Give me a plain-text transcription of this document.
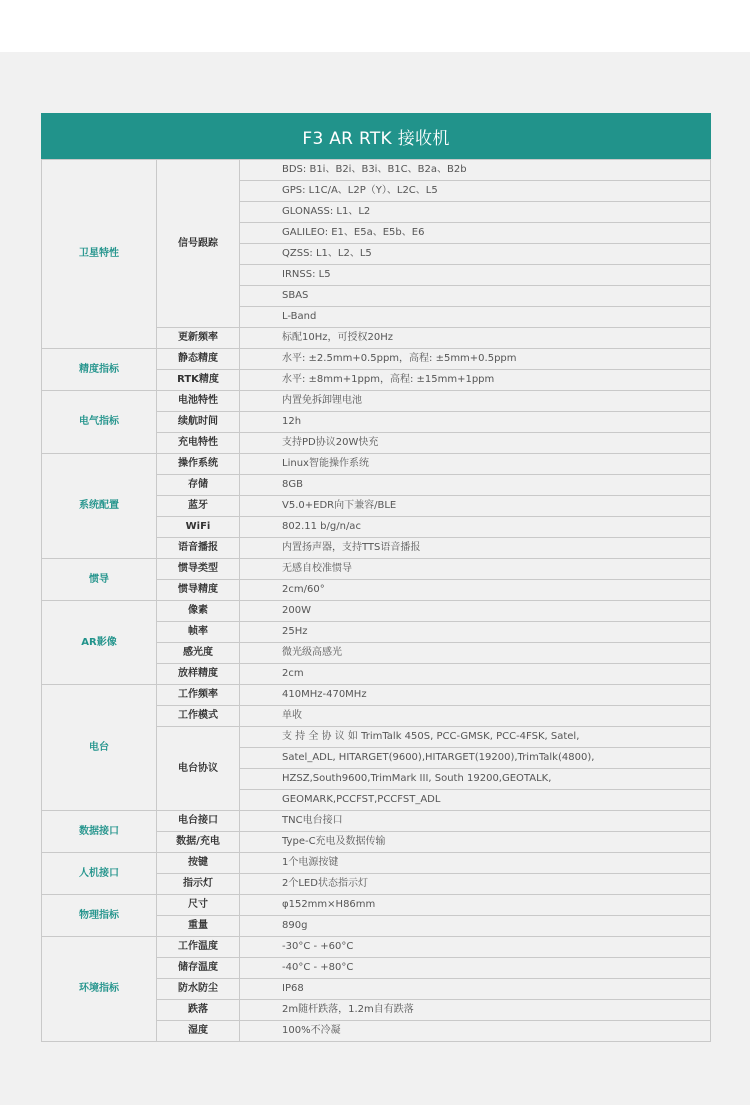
F3 AR RTK 接收机
卫星特性	信号跟踪	BDS: B1i、B2i、B3i、B1C、B2a、B2b
		GPS: L1C/A、L2P（Y）、L2C、L5
		GLONASS: L1、L2
		GALILEO: E1、E5a、E5b、E6
		QZSS: L1、L2、L5
		IRNSS: L5
		SBAS
		L-Band
	更新频率	标配10Hz，可授权20Hz
精度指标	静态精度	水平: ±2.5mm+0.5ppm，高程: ±5mm+0.5ppm
	RTK精度	水平: ±8mm+1ppm，高程: ±15mm+1ppm
电气指标	电池特性	内置免拆卸锂电池
	续航时间	12h
	充电特性	支持PD协议20W快充
系统配置	操作系统	Linux智能操作系统
	存储	8GB
	蓝牙	V5.0+EDR向下兼容/BLE
	WiFi	802.11 b/g/n/ac
	语音播报	内置扬声器，支持TTS语音播报
惯导	惯导类型	无感自校准惯导
	惯导精度	2cm/60°
AR影像	像素	200W
	帧率	25Hz
	感光度	微光级高感光
	放样精度	2cm
电台	工作频率	410MHz-470MHz
	工作模式	单收
	电台协议	支 持 全 协 议 如 TrimTalk 450S, PCC-GMSK, PCC-4FSK, Satel,
		Satel_ADL, HITARGET(9600),HITARGET(19200),TrimTalk(4800),
		HZSZ,South9600,TrimMark III, South 19200,GEOTALK,
		GEOMARK,PCCFST,PCCFST_ADL
数据接口	电台接口	TNC电台接口
	数据/充电	Type-C充电及数据传输
人机接口	按键	1个电源按键
	指示灯	2个LED状态指示灯
物理指标	尺寸	φ152mm×H86mm
	重量	890g
环境指标	工作温度	-30°C - +60°C
	储存温度	-40°C - +80°C
	防水防尘	IP68
	跌落	2m随杆跌落，1.2m自有跌落
	湿度	100%不冷凝
